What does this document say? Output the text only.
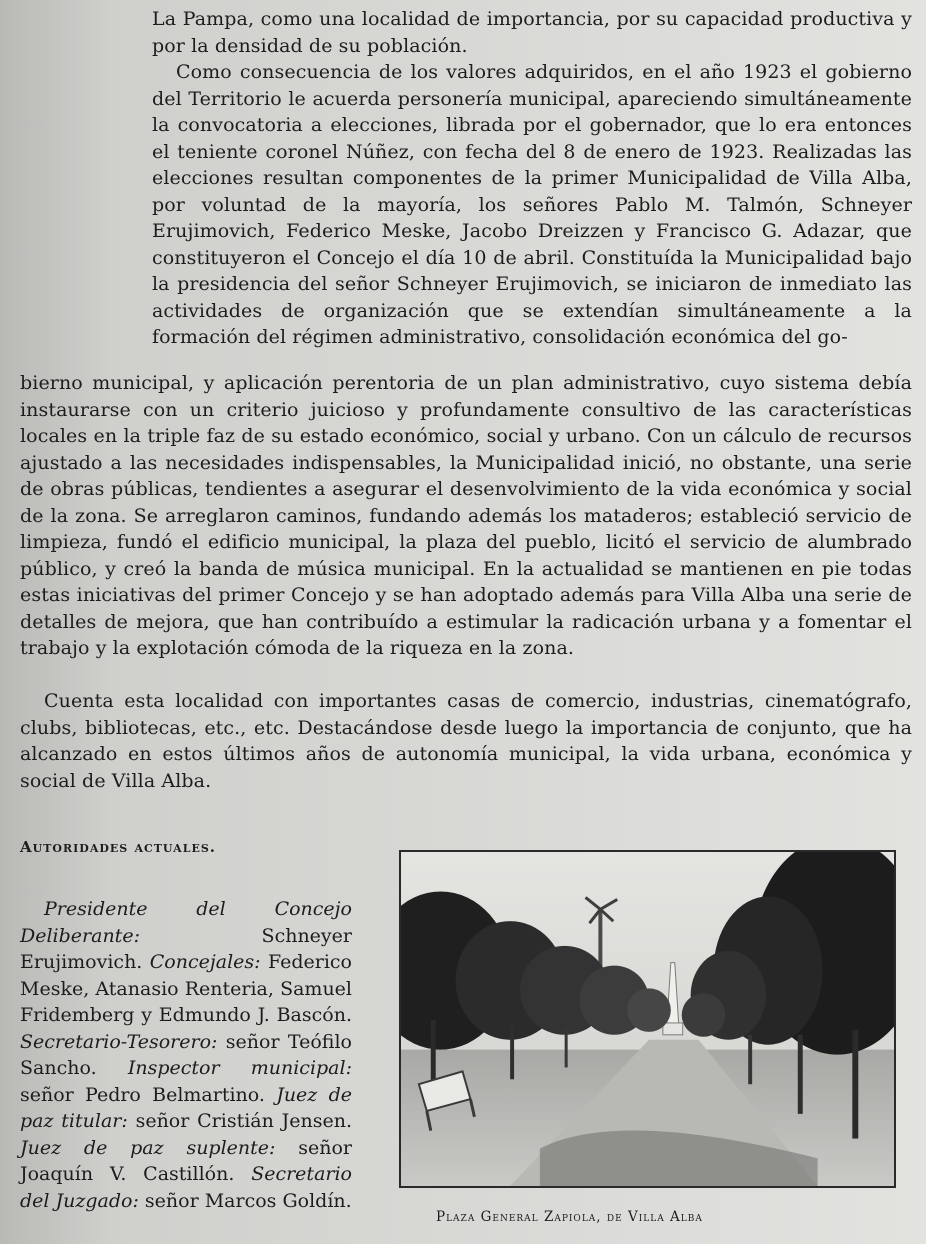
La Pampa, como una localidad de importancia, por su capacidad productiva y por la densidad de su población.

Como consecuencia de los valores adquiridos, en el año 1923 el gobierno del Territorio le acuerda personería municipal, apareciendo simultáneamente la convocatoria a elecciones, librada por el gobernador, que lo era entonces el teniente coronel Núñez, con fecha del 8 de enero de 1923. Realizadas las elecciones resultan componentes de la primer Municipalidad de Villa Alba, por voluntad de la mayoría, los señores Pablo M. Talmón, Schneyer Erujimovich, Federico Meske, Jacobo Dreizzen y Francisco G. Adazar, que constituyeron el Concejo el día 10 de abril. Constituída la Municipalidad bajo la presidencia del señor Schneyer Erujimovich, se iniciaron de inmediato las actividades de organización que se extendían simultáneamente a la formación del régimen administrativo, consolidación económica del go-

bierno municipal, y aplicación perentoria de un plan administrativo, cuyo sistema debía instaurarse con un criterio juicioso y profundamente consultivo de las características locales en la triple faz de su estado económico, social y urbano. Con un cálculo de recursos ajustado a las necesidades indispensables, la Municipalidad inició, no obstante, una serie de obras públicas, tendientes a asegurar el desenvolvimiento de la vida económica y social de la zona. Se arreglaron caminos, fundando además los mataderos; estableció servicio de limpieza, fundó el edificio municipal, la plaza del pueblo, licitó el servicio de alumbrado público, y creó la banda de música municipal. En la actualidad se mantienen en pie todas estas iniciativas del primer Concejo y se han adoptado además para Villa Alba una serie de detalles de mejora, que han contribuído a estimular la radicación urbana y a fomentar el trabajo y la explotación cómoda de la riqueza en la zona.

Cuenta esta localidad con importantes casas de comercio, industrias, cinematógrafo, clubs, bibliotecas, etc., etc. Destacándose desde luego la importancia de conjunto, que ha alcanzado en estos últimos años de autonomía municipal, la vida urbana, económica y social de Villa Alba.

Autoridades actuales.

Presidente del Concejo Deliberante: Schneyer Erujimovich. Concejales: Federico Meske, Atanasio Renteria, Samuel Fridemberg y Edmundo J. Bascón. Secretario-Tesorero: señor Teófilo Sancho. Inspector municipal: señor Pedro Belmartino. Juez de paz titular: señor Cristián Jensen. Juez de paz suplente: señor Joaquín V. Castillón. Secretario del Juzgado: señor Marcos Goldín.

Plaza General Zapiola, de Villa Alba
